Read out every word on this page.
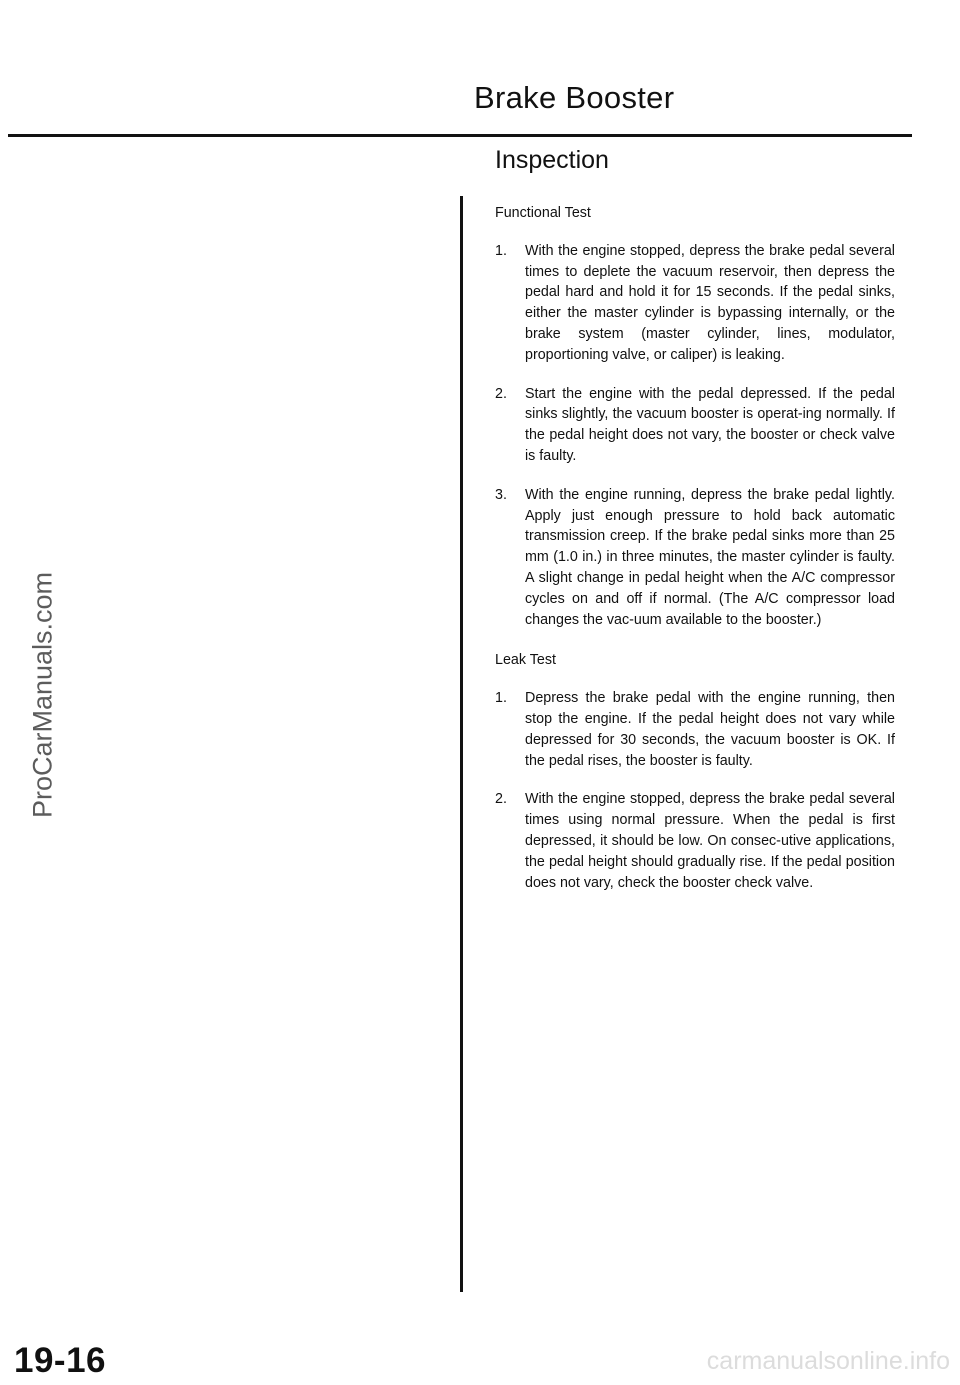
Brake Booster
Inspection
ProCarManuals.com
Functional Test
1. With the engine stopped, depress the brake pedal several times to deplete the vacuum reservoir, then depress the pedal hard and hold it for 15 seconds. If the pedal sinks, either the master cylinder is bypassing internally, or the brake system (master cylinder, lines, modulator, proportioning valve, or caliper) is leaking.
2. Start the engine with the pedal depressed. If the pedal sinks slightly, the vacuum booster is operat-ing normally. If the pedal height does not vary, the booster or check valve is faulty.
3. With the engine running, depress the brake pedal lightly. Apply just enough pressure to hold back automatic transmission creep. If the brake pedal sinks more than 25 mm (1.0 in.) in three minutes, the master cylinder is faulty. A slight change in pedal height when the A/C compressor cycles on and off if normal. (The A/C compressor load changes the vac-uum available to the booster.)
Leak Test
1. Depress the brake pedal with the engine running, then stop the engine. If the pedal height does not vary while depressed for 30 seconds, the vacuum booster is OK. If the pedal rises, the booster is faulty.
2. With the engine stopped, depress the brake pedal several times using normal pressure. When the pedal is first depressed, it should be low. On consec-utive applications, the pedal height should gradually rise. If the pedal position does not vary, check the booster check valve.
19-16	carmanualsonline.info
